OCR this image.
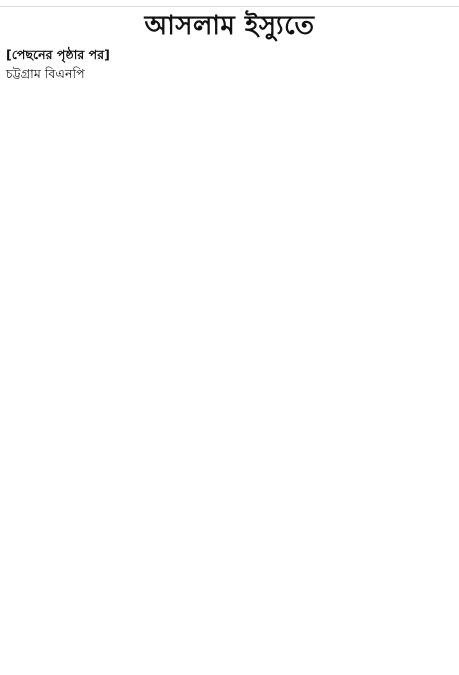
আসলাম ইস্যুতে

[পেছনের পৃষ্ঠার পর]

চট্টগ্রাম বিএনপি
